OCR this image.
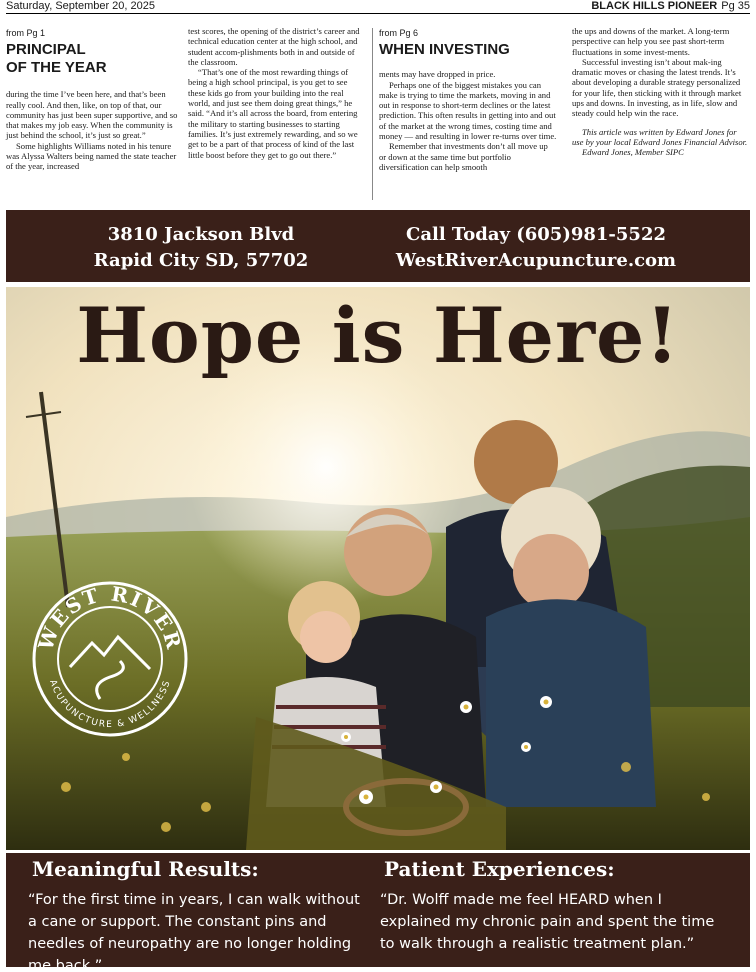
Saturday, September 20, 2025	BLACK HILLS PIONEER Pg 35
from Pg 1
PRINCIPAL
OF THE YEAR

during the time I’ve been here, and that’s been really cool. And then, like, on top of that, our community has just been super supportive, and so that makes my job easy. When the community is just behind the school, it’s just so great.”

Some highlights Williams noted in his tenure was Alyssa Walters being named the state teacher of the year, increased

test scores, the opening of the district’s career and technical education center at the high school, and student accom-plishments both in and outside of the classroom.

“That’s one of the most rewarding things of being a high school principal, is you get to see these kids go from your building into the real world, and just see them doing great things,” he said. “And it’s all across the board, from entering the military to starting businesses to starting families. It’s just extremely rewarding, and so we get to be a part of that process of kind of the last little boost before they get to go out there.”

from Pg 6
WHEN INVESTING

ments may have dropped in price.

Perhaps one of the biggest mistakes you can make is trying to time the markets, moving in and out in response to short-term declines or the latest prediction. This often results in getting into and out of the market at the wrong times, costing time and money — and resulting in lower re-turns over time.

Remember that investments don’t all move up or down at the same time but portfolio diversification can help smooth

the ups and downs of the market. A long-term perspective can help you see past short-term fluctuations in some invest-ments.

Successful investing isn’t about mak-ing dramatic moves or chasing the latest trends. It’s about developing a durable strategy personalized for your life, then sticking with it through market ups and downs. In investing, as in life, slow and steady could help win the race.

This article was written by Edward Jones for use by your local Edward Jones Financial Advisor.

Edward Jones, Member SIPC

3810 Jackson Blvd
Rapid City SD, 57702
Call Today (605)981-5522
WestRiverAcupuncture.com
Hope is Here!
WEST RIVER
ACUPUNCTURE & WELLNESS
Meaningful Results:
“For the first time in years, I can walk without a cane or support. The constant pins and needles of neuropathy are no longer holding me back.”
Patient Experiences:
“Dr. Wolff made me feel HEARD when I explained my chronic pain and spent the time to walk through a realistic treatment plan.”
